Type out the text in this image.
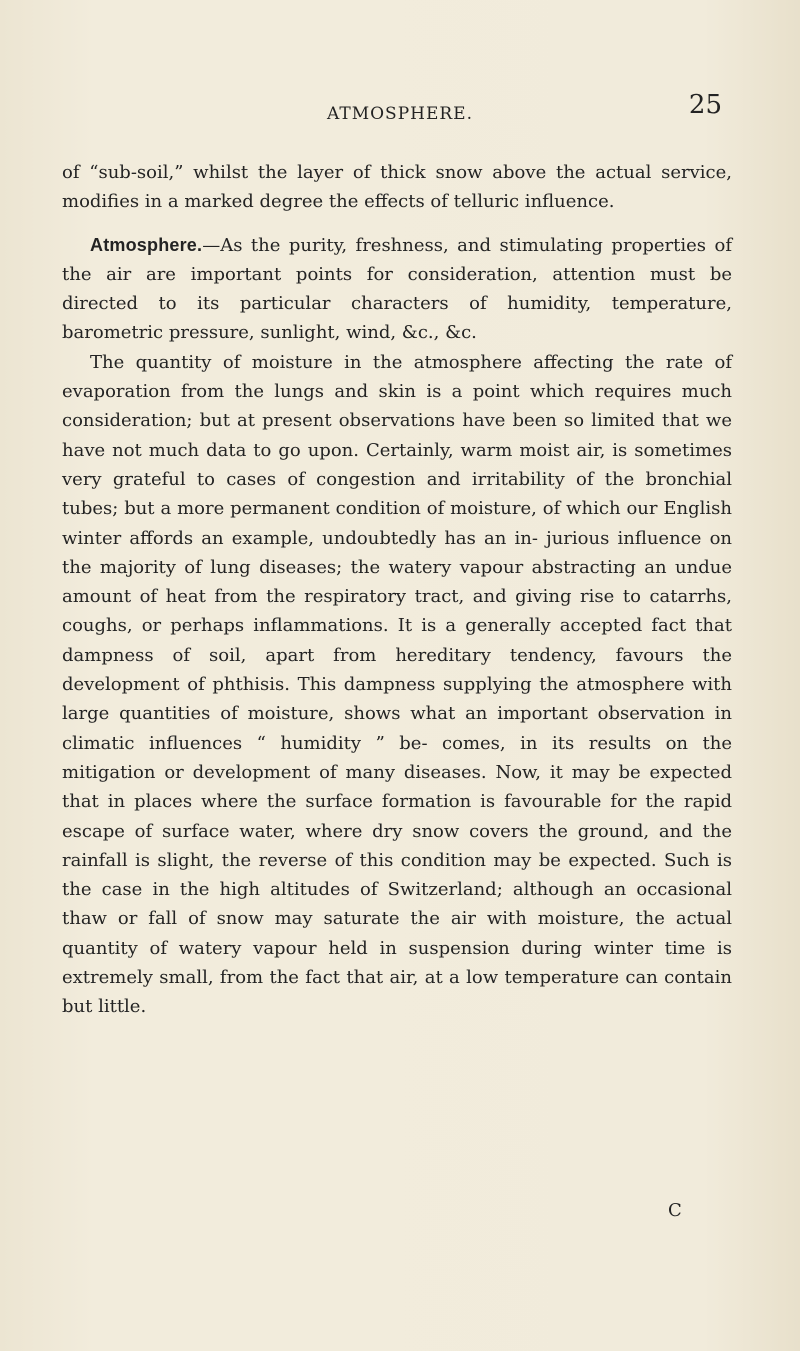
ATMOSPHERE.	25

of “sub-soil,” whilst the layer of thick snow above the actual service, modifies in a marked degree the effects of telluric influence.

Atmosphere.—As the purity, freshness, and stimulating properties of the air are important points for consideration, attention must be directed to its particular characters of humidity, temperature, barometric pressure, sunlight, wind, &c., &c.

The quantity of moisture in the atmosphere affecting the rate of evaporation from the lungs and skin is a point which requires much consideration; but at present observations have been so limited that we have not much data to go upon. Certainly, warm moist air, is sometimes very grateful to cases of congestion and irritability of the bronchial tubes; but a more permanent condition of moisture, of which our English winter affords an example, undoubtedly has an in- jurious influence on the majority of lung diseases; the watery vapour abstracting an undue amount of heat from the respiratory tract, and giving rise to catarrhs, coughs, or perhaps inflammations. It is a generally accepted fact that dampness of soil, apart from hereditary tendency, favours the development of phthisis. This dampness supplying the atmosphere with large quantities of moisture, shows what an important observation in climatic influences “ humidity ” be- comes, in its results on the mitigation or development of many diseases. Now, it may be expected that in places where the surface formation is favourable for the rapid escape of surface water, where dry snow covers the ground, and the rainfall is slight, the reverse of this condition may be expected. Such is the case in the high altitudes of Switzerland; although an occasional thaw or fall of snow may saturate the air with moisture, the actual quantity of watery vapour held in suspension during winter time is extremely small, from the fact that air, at a low temperature can contain but little.

C
